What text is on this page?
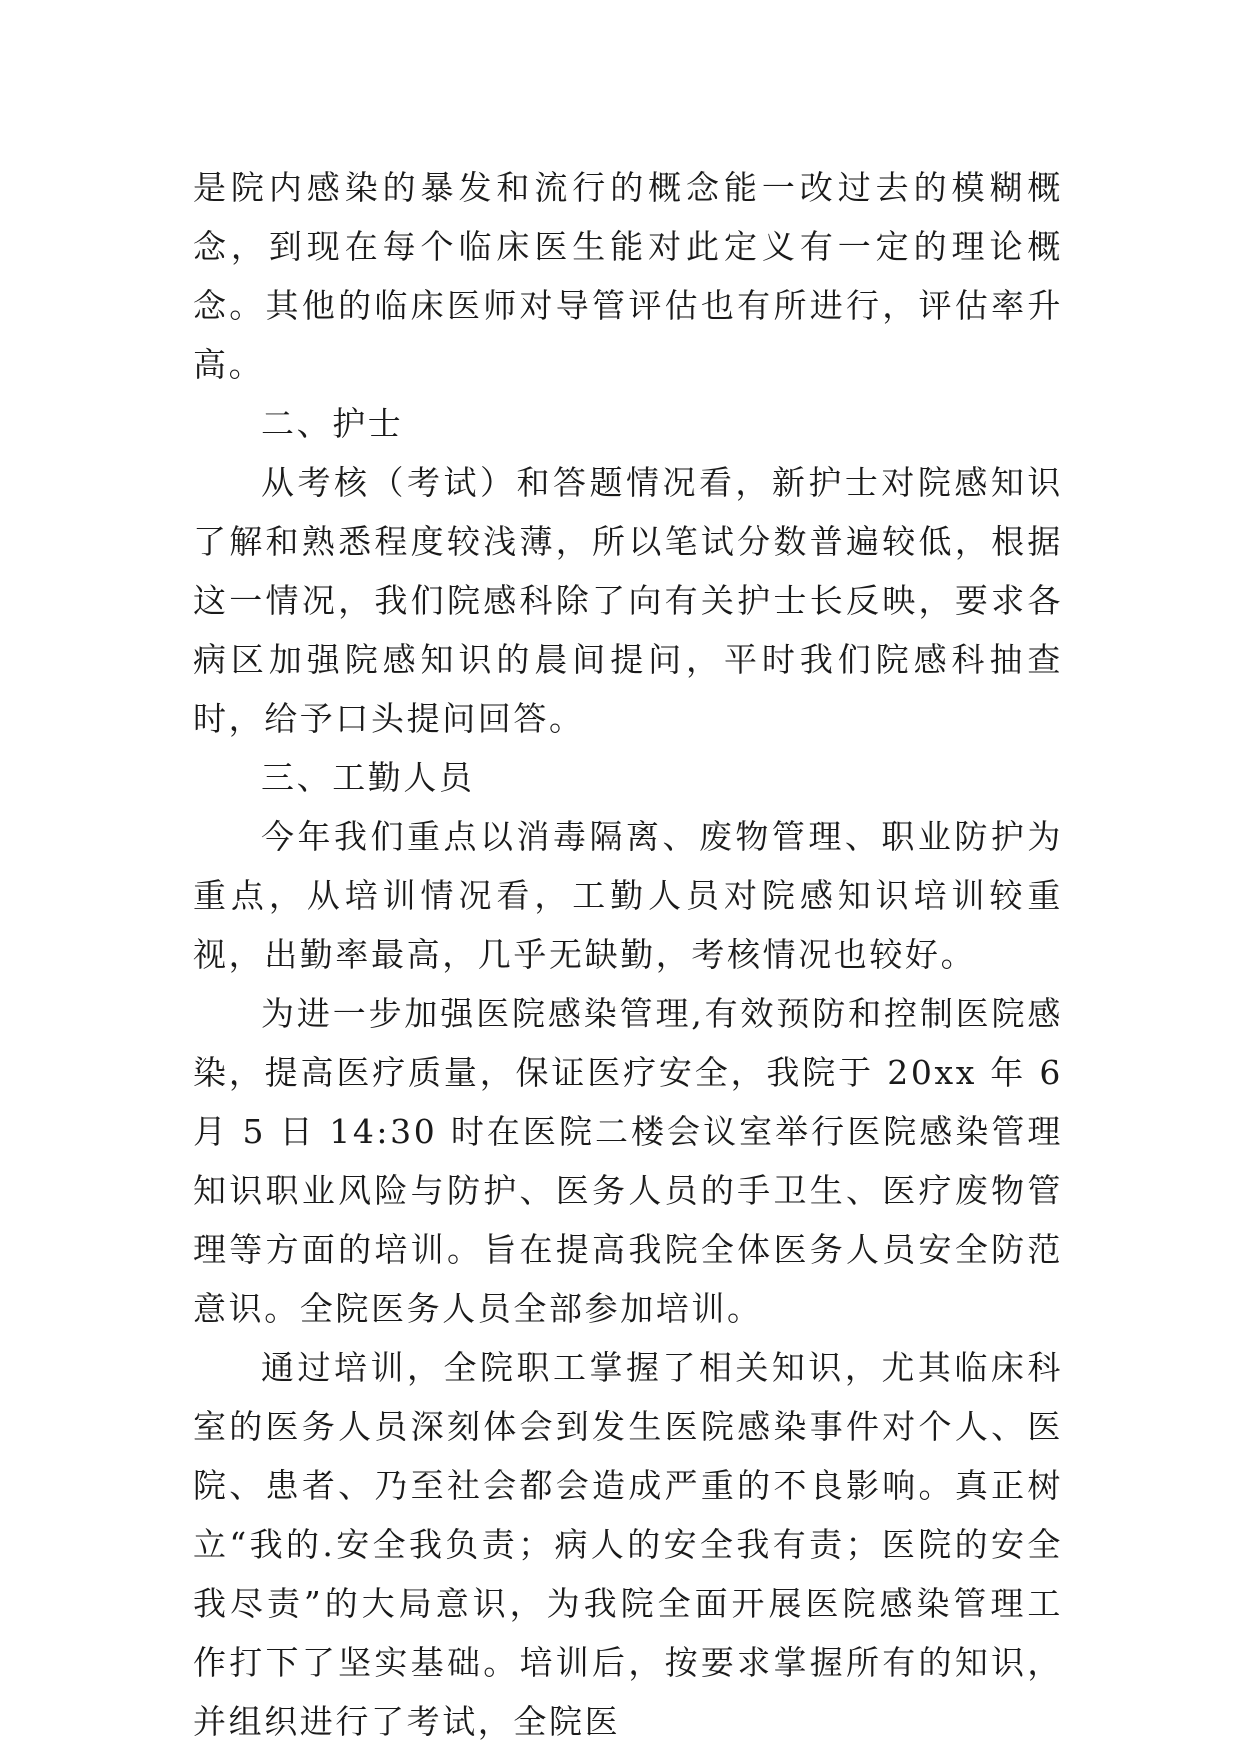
是院内感染的暴发和流行的概念能一改过去的模糊概念，到现在每个临床医生能对此定义有一定的理论概念。其他的临床医师对导管评估也有所进行，评估率升高。

二、护士

从考核（考试）和答题情况看，新护士对院感知识了解和熟悉程度较浅薄，所以笔试分数普遍较低，根据这一情况，我们院感科除了向有关护士长反映，要求各病区加强院感知识的晨间提问，平时我们院感科抽查时，给予口头提问回答。

三、工勤人员

今年我们重点以消毒隔离、废物管理、职业防护为重点，从培训情况看，工勤人员对院感知识培训较重视，出勤率最高，几乎无缺勤，考核情况也较好。

为进一步加强医院感染管理,有效预防和控制医院感染，提高医疗质量，保证医疗安全，我院于 20xx 年 6 月 5 日 14:30 时在医院二楼会议室举行医院感染管理知识职业风险与防护、医务人员的手卫生、医疗废物管理等方面的培训。旨在提高我院全体医务人员安全防范意识。全院医务人员全部参加培训。

通过培训，全院职工掌握了相关知识，尤其临床科室的医务人员深刻体会到发生医院感染事件对个人、医院、患者、乃至社会都会造成严重的不良影响。真正树立“我的.安全我负责；病人的安全我有责；医院的安全我尽责”的大局意识，为我院全面开展医院感染管理工作打下了坚实基础。培训后，按要求掌握所有的知识，并组织进行了考试，全院医
